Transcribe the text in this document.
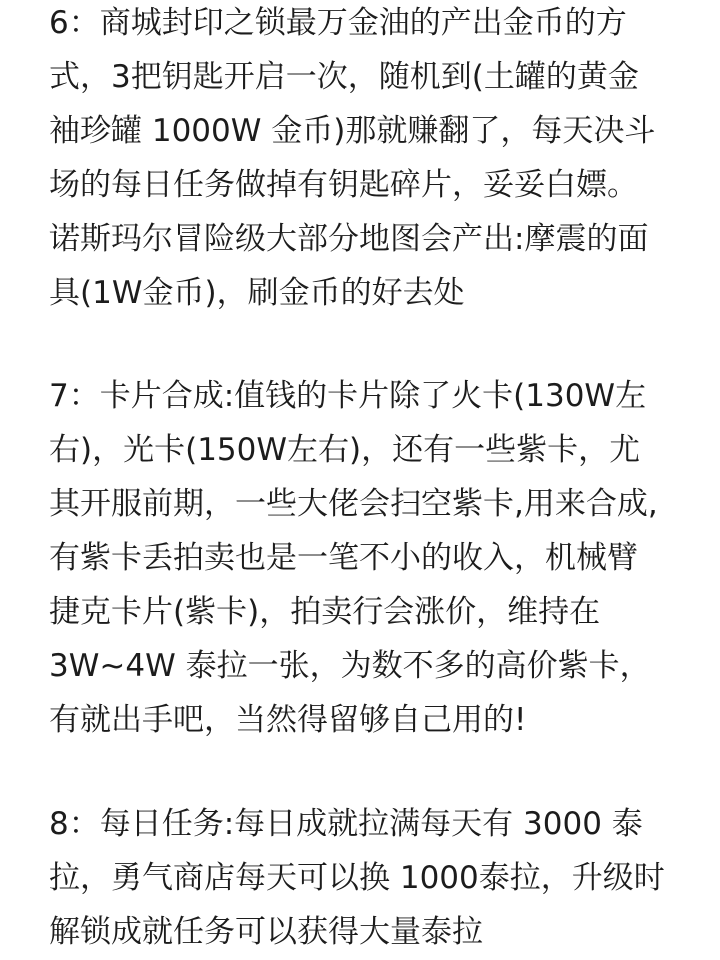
6：商城封印之锁最万金油的产出金币的方
式，3把钥匙开启一次，随机到(土罐的黄金
袖珍罐 1000W 金币)那就赚翻了，每天决斗
场的每日任务做掉有钥匙碎片，妥妥白嫖。
诺斯玛尔冒险级大部分地图会产出:摩震的面
具(1W金币)，刷金币的好去处
7：卡片合成:值钱的卡片除了火卡(130W左
右)，光卡(150W左右)，还有一些紫卡，尤
其开服前期，一些大佬会扫空紫卡,用来合成,
有紫卡丢拍卖也是一笔不小的收入，机械臂
捷克卡片(紫卡)，拍卖行会涨价，维持在
3W~4W 泰拉一张，为数不多的高价紫卡，
有就出手吧，当然得留够自己用的!
8：每日任务:每日成就拉满每天有 3000 泰
拉，勇气商店每天可以换 1000泰拉，升级时
解锁成就任务可以获得大量泰拉
